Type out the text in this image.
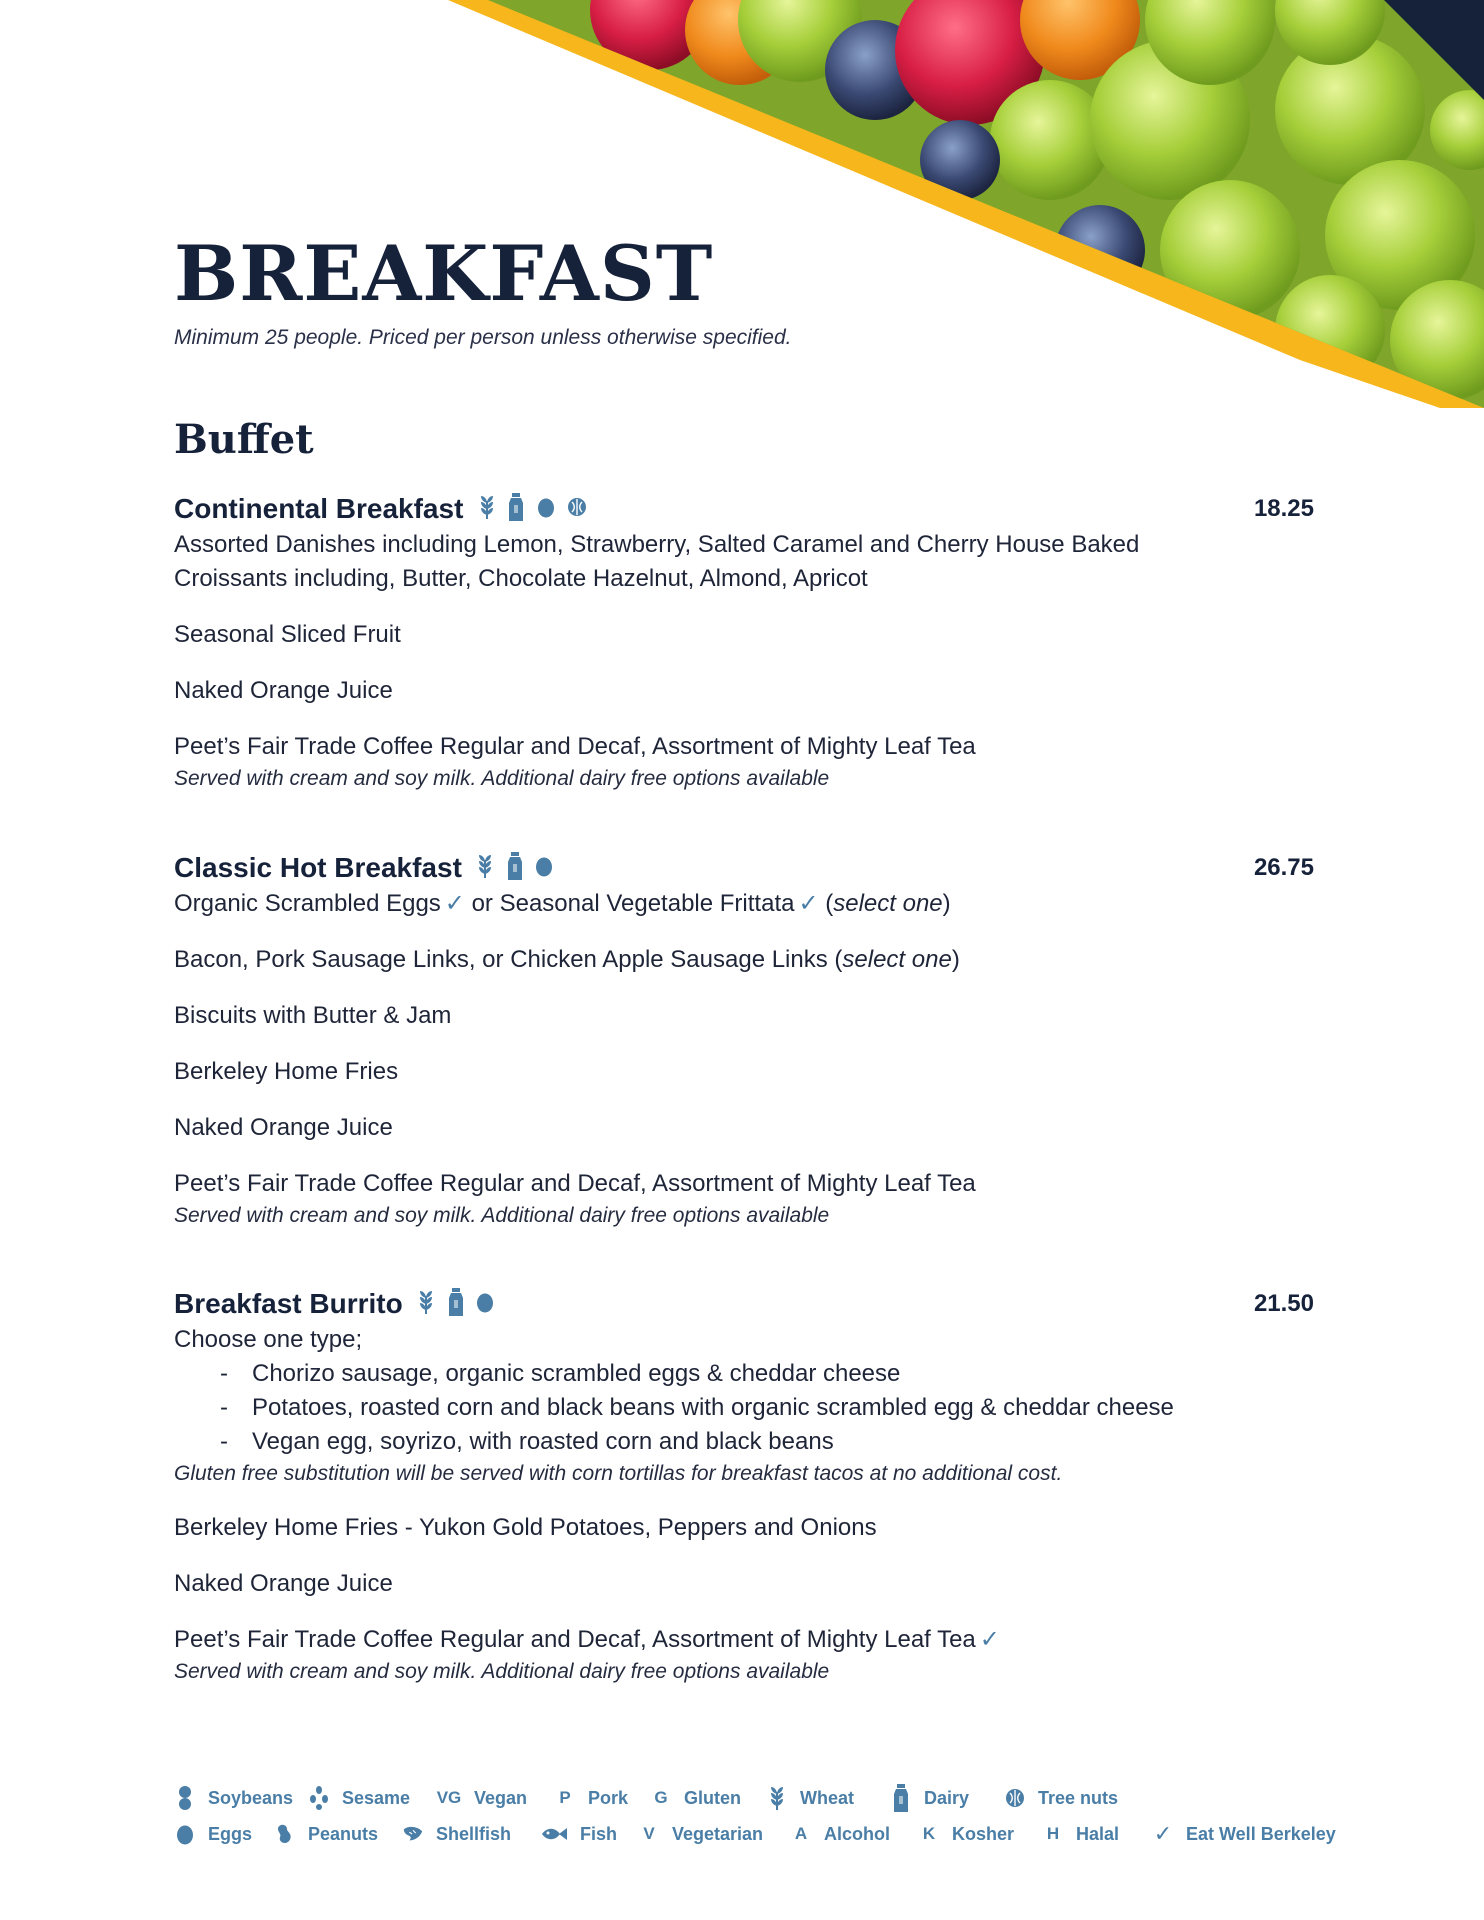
BREAKFAST

Minimum 25 people. Priced per person unless otherwise specified.

Buffet
Continental Breakfast	18.25

Assorted Danishes including Lemon, Strawberry, Salted Caramel and Cherry House Baked

Croissants including, Butter, Chocolate Hazelnut, Almond, Apricot

Seasonal Sliced Fruit

Naked Orange Juice

Peet’s Fair Trade Coffee Regular and Decaf, Assortment of Mighty Leaf Tea

Served with cream and soy milk. Additional dairy free options available

Classic Hot Breakfast	26.75

Organic Scrambled Eggs ✓ or Seasonal Vegetable Frittata ✓ (select one)

Bacon, Pork Sausage Links, or Chicken Apple Sausage Links (select one)

Biscuits with Butter & Jam

Berkeley Home Fries

Naked Orange Juice

Peet’s Fair Trade Coffee Regular and Decaf, Assortment of Mighty Leaf Tea

Served with cream and soy milk. Additional dairy free options available

Breakfast Burrito	21.50

Choose one type;

- Chorizo sausage, organic scrambled eggs & cheddar cheese
- Potatoes, roasted corn and black beans with organic scrambled egg & cheddar cheese
- Vegan egg, soyrizo, with roasted corn and black beans

Gluten free substitution will be served with corn tortillas for breakfast tacos at no additional cost.

Berkeley Home Fries - Yukon Gold Potatoes, Peppers and Onions

Naked Orange Juice

Peet’s Fair Trade Coffee Regular and Decaf, Assortment of Mighty Leaf Tea ✓

Served with cream and soy milk. Additional dairy free options available

Soybeans	Sesame VG Vegan	P Pork G Gluten	Wheat	Dairy	Tree nuts
Eggs	Peanuts	Shellfish	Fish	V Vegetarian A Alcohol K Kosher H Halal ✓ Eat Well Berkeley
